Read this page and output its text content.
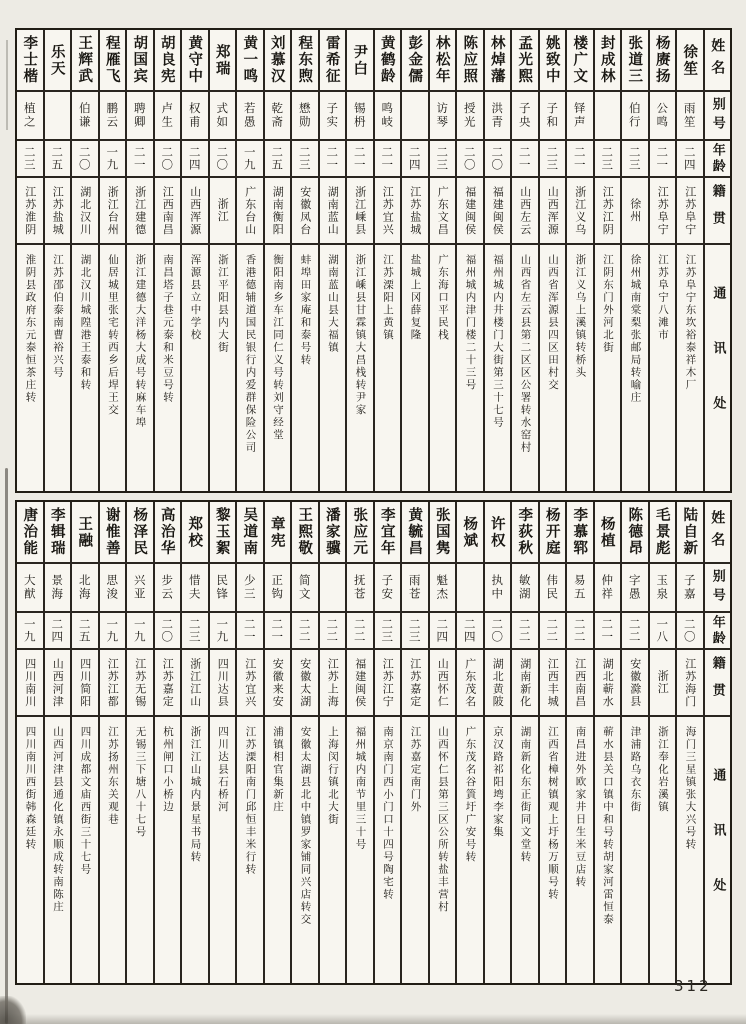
姓名
别号
年龄
籍贯
通讯处
徐笙
雨笙
二四
江苏阜宁
江苏阜宁东坎裕泰祥木厂
杨赓扬
公鸣
二一
江苏阜宁
江苏阜宁八滩市
张道三
伯行
二三
徐州
徐州城南棠梨张邮局转喻庄
封成林
二三
江苏江阴
江阴东门外河北街
楼广文
铎声
二一
浙江义乌
浙江义乌上溪镇转桥头
姚致中
子和
二三
山西浑源
山西省浑源县四区田村交
孟光熙
子央
二一
山西左云
山西省左云县第二区区公署转水窑村
林焯藩
洪青
二〇
福建闽侯
福州城内井楼门大街第三十七号
陈应照
授光
二〇
福建闽侯
福州城内津门楼二十三号
林松年
访琴
二三
广东文昌
广东海口平民栈
彭金儒
二四
江苏盐城
盐城上冈薛复隆
黄鹤龄
鸣岐
二一
江苏宜兴
江苏溧阳上黄镇
尹白
锡枬
二一
浙江嵊县
浙江嵊县甘霖镇大昌栈转尹家
雷希征
子实
二一
湖南蓝山
湖南蓝山县大福镇
程东煦
懋勋
二三
安徽凤台
蚌埠田家庵和泰号转
刘慕汉
乾斋
二五
湖南衡阳
衡阳南乡车江同仁义号转刘守经堂
黄一鸣
若愚
一九
广东台山
香港德辅道国民银行内爱群保险公司
郑瑞
式如
二〇
浙江
浙江平阳县内大街
黄守中
权甫
二四
山西浑源
浑源县立中学校
胡良宪
卢生
二〇
江西南昌
南昌塔子巷元泰和米豆号转
胡国宾
聘卿
二一
浙江建德
浙江建德大洋杨大成号转麻车埠
程雁飞
鹏云
一九
浙江台州
仙居城里张宅转西乡后垾王交
王辉武
伯谦
二〇
湖北汉川
湖北汉川城隍港王泰和转
乐天
二五
江苏盐城
江苏邵伯泰南曹裕兴号
李士楷
植之
二三
江苏淮阴
淮阴县政府东元泰恒茶庄转
姓名
别号
年龄
籍贯
通讯处
陆自新
子嘉
二〇
江苏海门
海门三星镇张大兴号转
毛景彪
玉泉
一八
浙江
浙江奉化岩溪镇
陈德昂
字愚
二二
安徽滁县
津浦路乌衣东街
杨植
仲祥
二一
湖北蕲水
蕲水县关口镇中和号转胡家河雷恒泰
李慕郓
易五
二二
江西南昌
南昌进外欧家井日生米豆店转
杨开庭
伟民
二二
江西丰城
江西省樟树镇观上圩杨万顺号转
李荻秋
敏湖
二二
湖南新化
湖南新化东正街同文堂转
许权
执中
二〇
湖北黄陂
京汉路祁阳塆李家集
杨斌
二四
广东茂名
广东茂名谷篢圩广安号转
张国隽
魁杰
二四
山西怀仁
山西怀仁县第三区公所转盐丰营村
黄毓昌
雨苍
二三
江苏嘉定
江苏嘉定南门外
李宜年
子安
二三
江苏江宁
南京南门西小门口十四号陶宅转
张应元
抚苍
二二
福建闽侯
福州城内南节里三十号
潘家骥
二二
江苏上海
上海闵行镇北大街
王熙敬
简文
二二
安徽太湖
安徽太湖县北中镇罗家铺同兴店转交
章宪
正钩
二一
安徽来安
浦镇相官集新庄
吴道南
少三
二一
江苏宜兴
江苏溧阳南门邱恒丰米行转
黎玉絮
民锋
一九
四川达县
四川达县石桥河
郑校
惜夫
二三
浙江江山
浙江江山城内景星书局转
高治华
步云
二〇
江苏嘉定
杭州闸口小桥边
杨泽民
兴亚
一九
江苏无锡
无锡三下塘八十七号
谢惟善
思浚
一九
江苏江都
江苏扬州东关观巷
王融
北海
二五
四川简阳
四川成都文庙西街三十七号
李辑瑞
景海
二四
山西河津
山西河津县通化镇永顺成转南陈庄
唐治能
大猷
一九
四川南川
四川南川西街韩森廷转
312
